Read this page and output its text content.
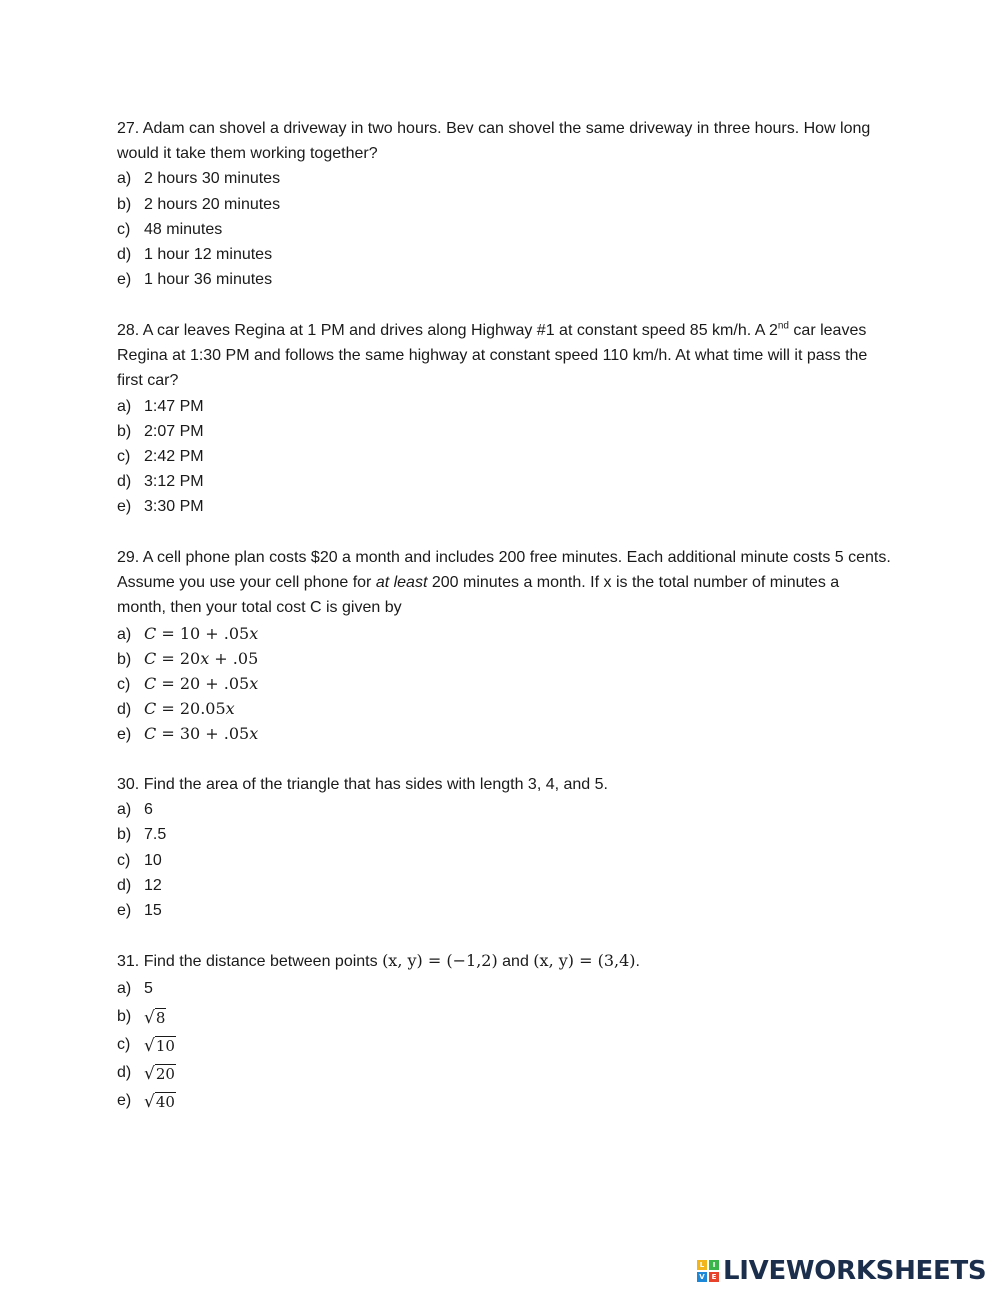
27. Adam can shovel a driveway in two hours. Bev can shovel the same driveway in three hours. How long would it take them working together?

a) 2 hours 30 minutes
b) 2 hours 20 minutes
c) 48 minutes
d) 1 hour 12 minutes
e) 1 hour 36 minutes

28. A car leaves Regina at 1 PM and drives along Highway #1 at constant speed 85 km/h. A 2nd car leaves Regina at 1:30 PM and follows the same highway at constant speed 110 km/h. At what time will it pass the first car?

a) 1:47 PM
b) 2:07 PM
c) 2:42 PM
d) 3:12 PM
e) 3:30 PM

29. A cell phone plan costs $20 a month and includes 200 free minutes. Each additional minute costs 5 cents. Assume you use your cell phone for at least 200 minutes a month. If x is the total number of minutes a month, then your total cost C is given by

a) C = 10 + .05x
b) C = 20x + .05
c) C = 20 + .05x
d) C = 20.05x
e) C = 30 + .05x

30. Find the area of the triangle that has sides with length 3, 4, and 5.

a) 6
b) 7.5
c) 10
d) 12
e) 15

31. Find the distance between points (x, y) = (−1,2) and (x, y) = (3,4).

a) 5
b) √ 8
c) √ 10
d) √ 20
e) √ 40
L	I
V E LIVEWORKSHEETS
